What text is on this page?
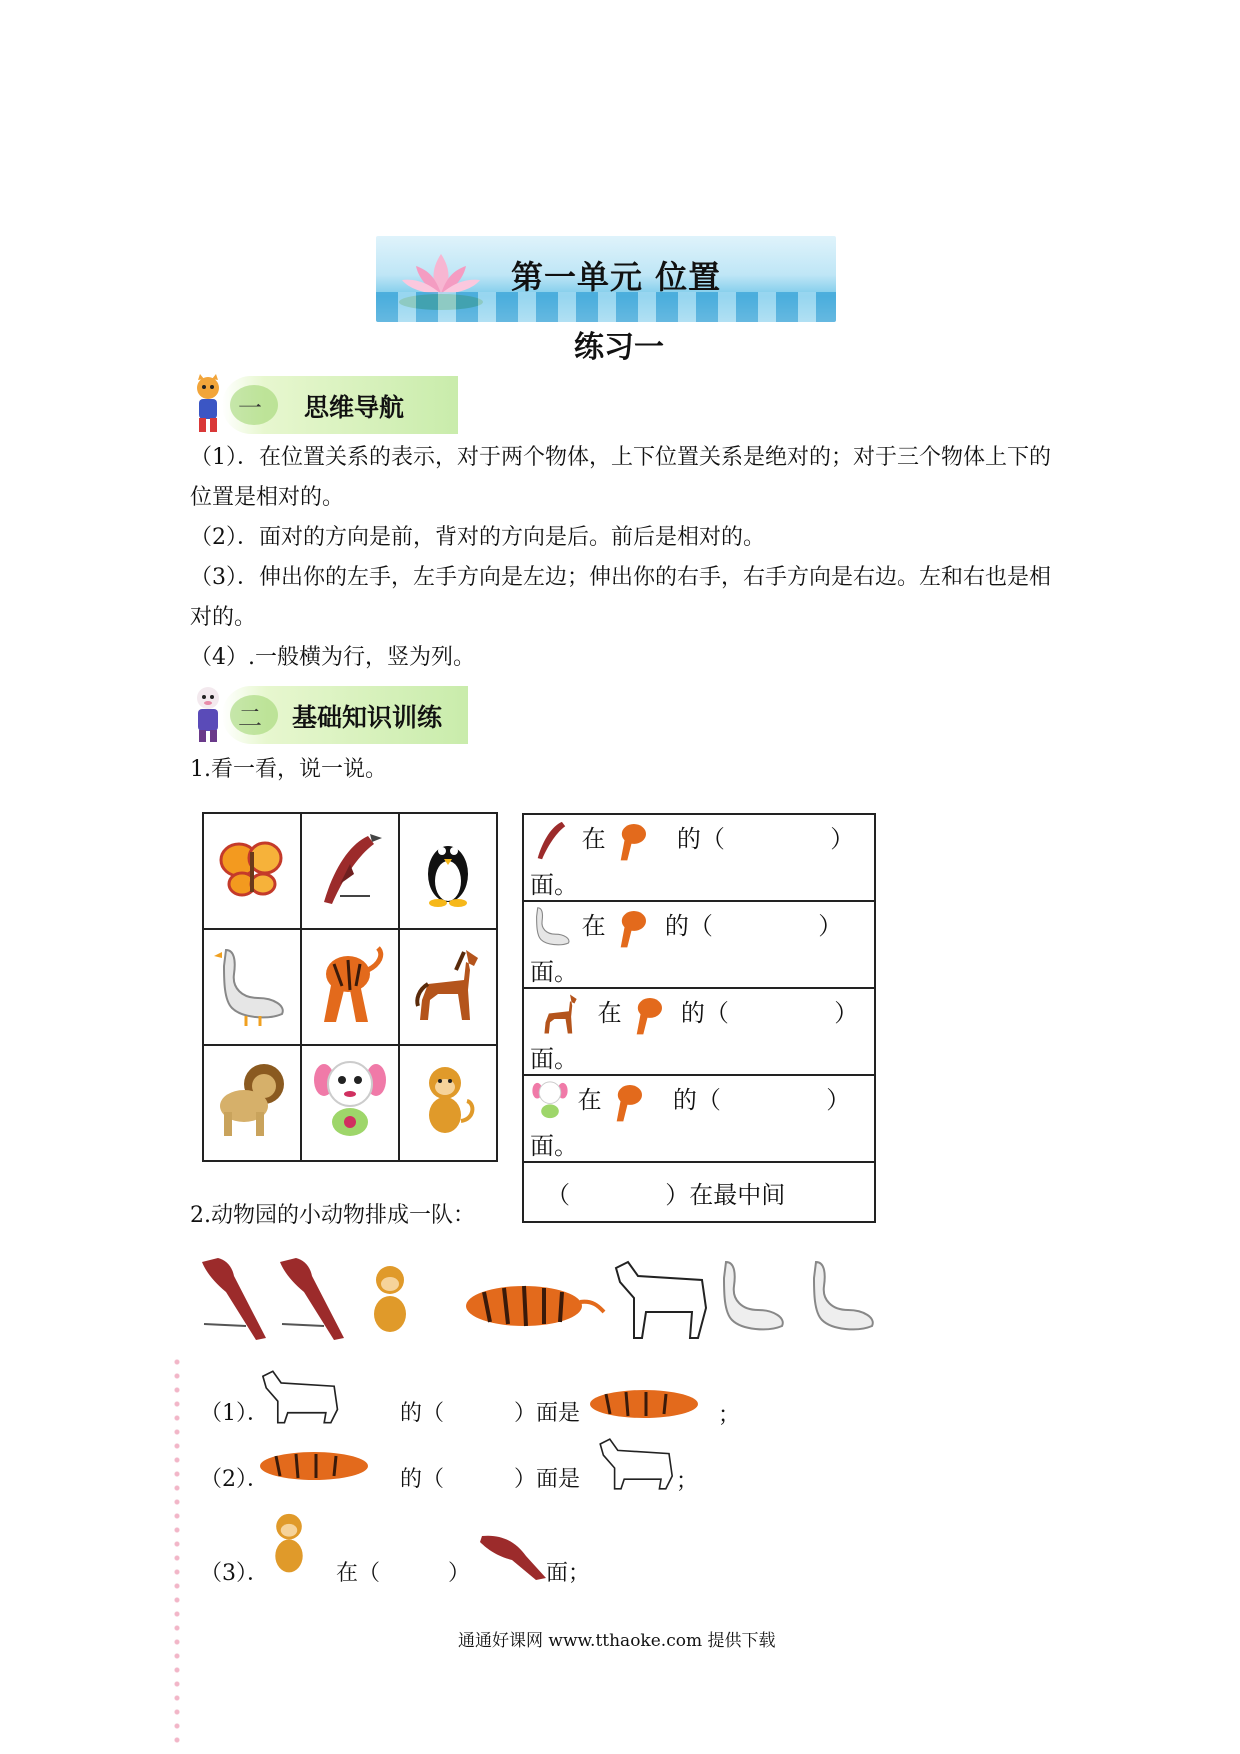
第一单元 位置
练习一
一 思维导航
（1）．在位置关系的表示，对于两个物体，上下位置关系是绝对的；对于三个物体上下的位置是相对的。
（2）．面对的方向是前，背对的方向是后。前后是相对的。
（3）．伸出你的左手，左手方向是左边；伸出你的右手，右手方向是右边。左和右也是相对的。
（4）.一般横为行，竖为列。
二 基础知识训练
1.看一看，说一说。

在	的（	）面。
在 的（	）面。
在 的（	）面。
在	的（	）面。
（	）在最中间
2.动物园的小动物排成一队：
（1）．	的（	）面是	；
（2）．	的（	）面是	；
（3）．	在（	）	面；
通通好课网 www.tthaoke.com 提供下载
